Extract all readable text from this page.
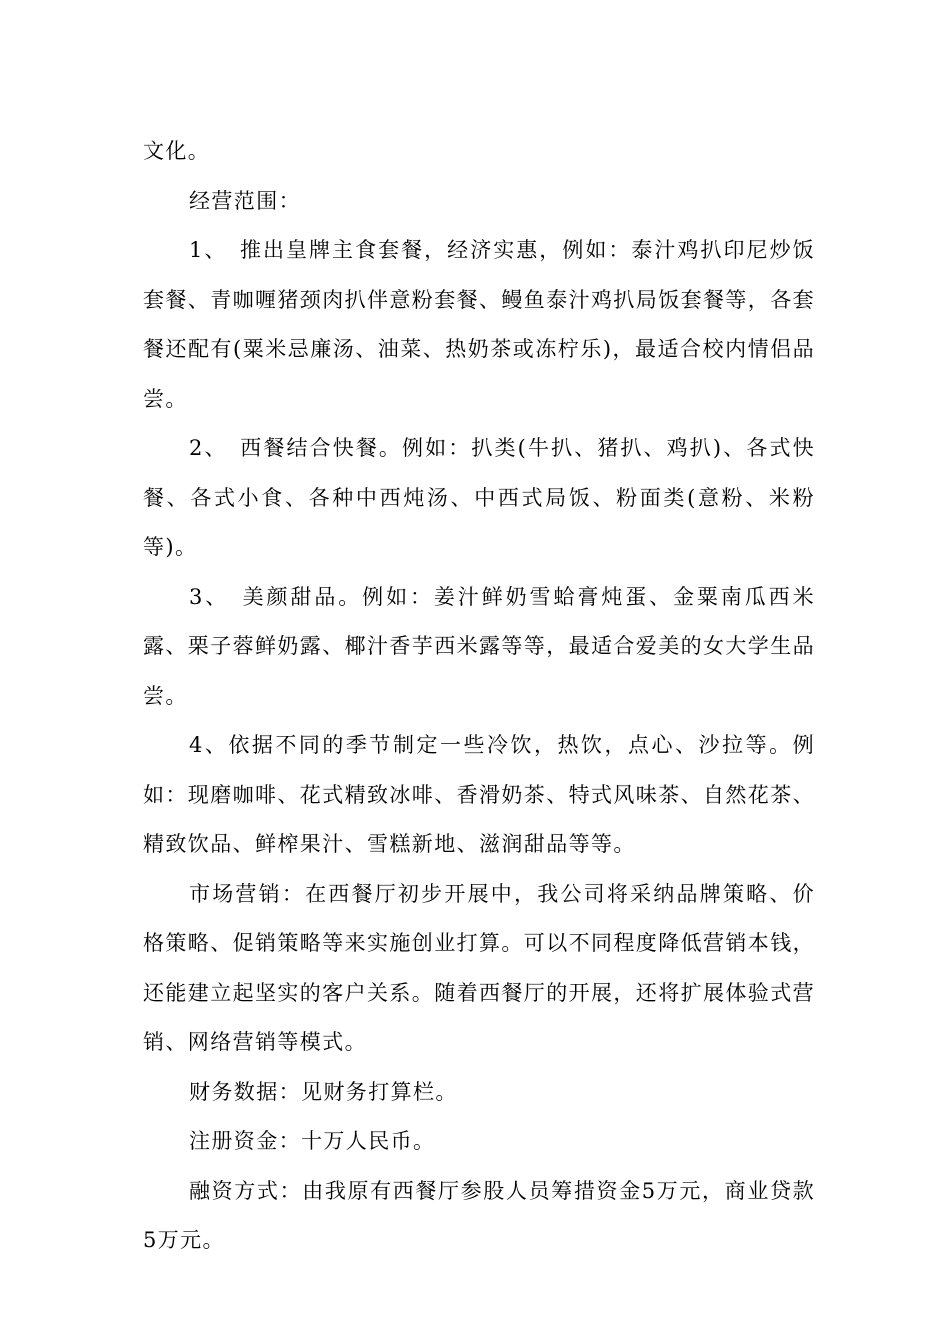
文化。

经营范围：

1、　推出皇牌主食套餐，经济实惠，例如：泰汁鸡扒印尼炒饭套餐、青咖喱猪颈肉扒伴意粉套餐、鳗鱼泰汁鸡扒局饭套餐等，各套餐还配有(粟米忌廉汤、油菜、热奶茶或冻柠乐)，最适合校内情侣品尝。

2、　西餐结合快餐。例如：扒类(牛扒、猪扒、鸡扒)、各式快餐、各式小食、各种中西炖汤、中西式局饭、粉面类(意粉、米粉等)。

3、　美颜甜品。例如：姜汁鲜奶雪蛤膏炖蛋、金粟南瓜西米露、栗子蓉鲜奶露、椰汁香芋西米露等等，最适合爱美的女大学生品尝。

4、依据不同的季节制定一些冷饮，热饮，点心、沙拉等。例如：现磨咖啡、花式精致冰啡、香滑奶茶、特式风味茶、自然花茶、精致饮品、鲜榨果汁、雪糕新地、滋润甜品等等。

市场营销：在西餐厅初步开展中，我公司将采纳品牌策略、价格策略、促销策略等来实施创业打算。可以不同程度降低营销本钱，还能建立起坚实的客户关系。随着西餐厅的开展，还将扩展体验式营销、网络营销等模式。

财务数据：见财务打算栏。

注册资金：十万人民币。

融资方式：由我原有西餐厅参股人员筹措资金5万元，商业贷款5万元。
